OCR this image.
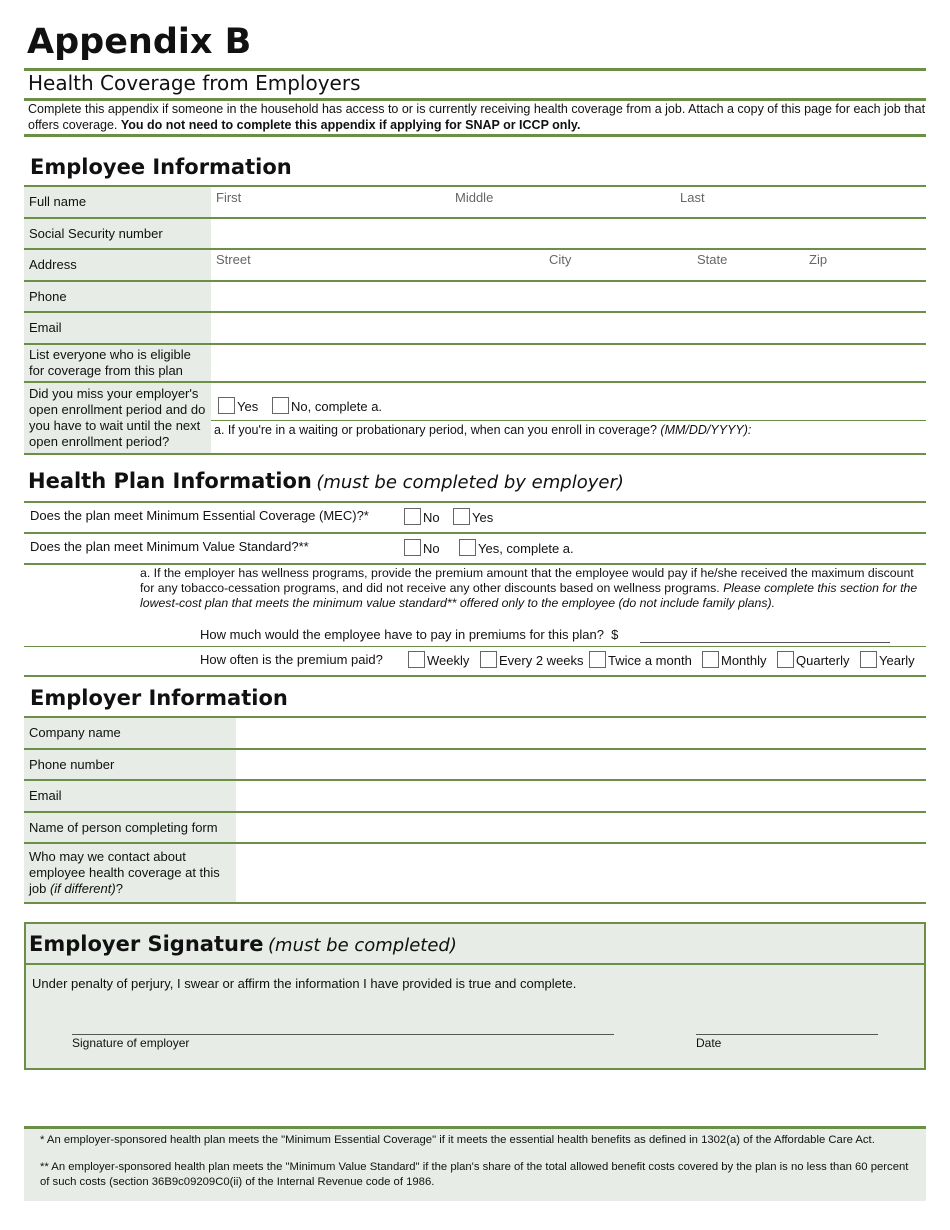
Appendix B
Health Coverage from Employers
Complete this appendix if someone in the household has access to or is currently receiving health coverage from a job. Attach a copy of this page for each job that offers coverage. You do not need to complete this appendix if applying for SNAP or ICCP only.
Employee Information
Full name	First	Middle	Last
Social Security number
Address	Street	City	State	Zip
Phone
Email
List everyone who is eligible for coverage from this plan
Did you miss your employer's open enrollment period and do you have to wait until the next open enrollment period?
Yes	No, complete a.
a. If you're in a waiting or probationary period, when can you enroll in coverage? (MM/DD/YYYY):
Health Plan Information (must be completed by employer)
Does the plan meet Minimum Essential Coverage (MEC)?*	No	Yes
Does the plan meet Minimum Value Standard?**	No	Yes, complete a.
a. If the employer has wellness programs, provide the premium amount that the employee would pay if he/she received the maximum discount for any tobacco-cessation programs, and did not receive any other discounts based on wellness programs. Please complete this section for the lowest-cost plan that meets the minimum value standard** offered only to the employee (do not include family plans).
How much would the employee have to pay in premiums for this plan? $
How often is the premium paid?	Weekly	Every 2 weeks	Twice a month	Monthly	Quarterly	Yearly
Employer Information
Company name
Phone number
Email
Name of person completing form
Who may we contact about employee health coverage at this job (if different)?
Employer Signature (must be completed)
Under penalty of perjury, I swear or affirm the information I have provided is true and complete.
Signature of employer	Date
* An employer-sponsored health plan meets the "Minimum Essential Coverage" if it meets the essential health benefits as defined in 1302(a) of the Affordable Care Act.
** An employer-sponsored health plan meets the "Minimum Value Standard" if the plan's share of the total allowed benefit costs covered by the plan is no less than 60 percent of such costs (section 36B9c09209C0(ii) of the Internal Revenue code of 1986.
